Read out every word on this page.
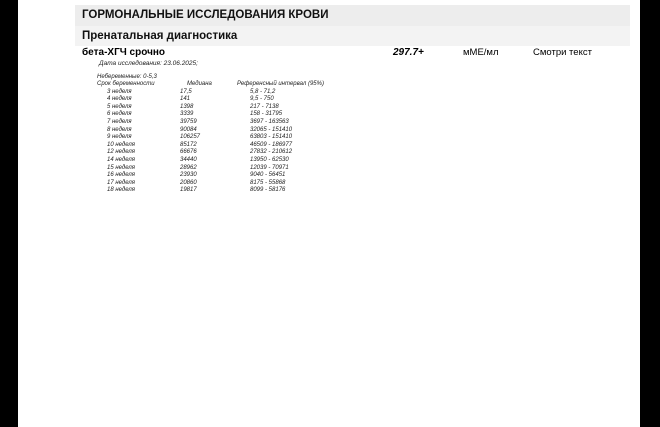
ГОРМОНАЛЬНЫЕ ИССЛЕДОВАНИЯ КРОВИ
Пренатальная диагностика
бета-ХГЧ срочно	297.7+	мМЕ/мл	Смотри текст
Дата исследования: 23.06.2025;
Небеременные: 0-5,3
Срок беременности	Медиана	Референсный интервал (95%)
3 неделя	17,5	5,8 - 71,2
4 неделя	141	9,5 - 750
5 неделя	1398	217 - 7138
6 неделя	3339	158 - 31795
7 неделя	39759	3697 - 163563
8 неделя	90084	32065 - 151410
9 неделя	106257	63803 - 151410
10 неделя	85172	46509 - 186977
12 неделя	66676	27832 - 210612
14 неделя	34440	13950 - 62530
15 неделя	28962	12039 - 70971
16 неделя	23930	9040 - 56451
17 неделя	20860	8175 - 55868
18 неделя	19817	8099 - 58176
